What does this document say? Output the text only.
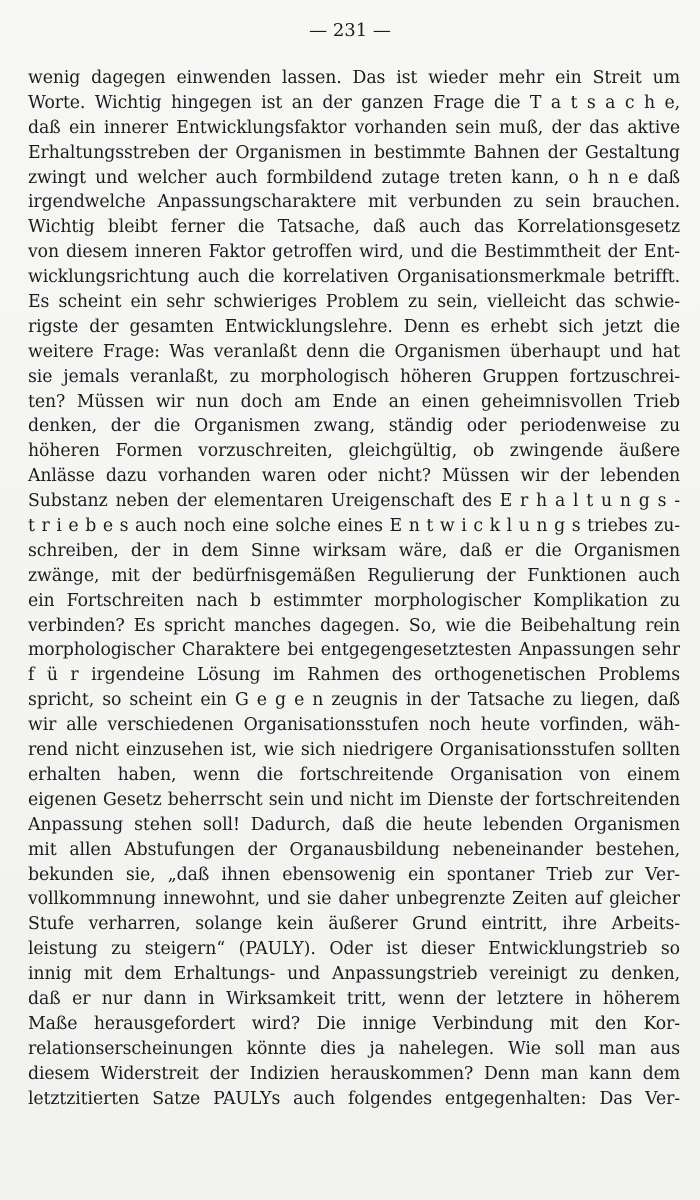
— 231 —
wenig dagegen einwenden lassen. Das ist wieder mehr ein Streit um
Worte. Wichtig hingegen ist an der ganzen Frage die T a t s a c h e,
daß ein innerer Entwicklungsfaktor vorhanden sein muß, der das aktive
Erhaltungsstreben der Organismen in bestimmte Bahnen der Gestaltung
zwingt und welcher auch formbildend zutage treten kann, o h n e daß
irgendwelche Anpassungscharaktere mit verbunden zu sein brauchen.
Wichtig bleibt ferner die Tatsache, daß auch das Korrelationsgesetz
von diesem inneren Faktor getroffen wird, und die Bestimmtheit der Ent-
wicklungsrichtung auch die korrelativen Organisationsmerkmale betrifft.
Es scheint ein sehr schwieriges Problem zu sein, vielleicht das schwie-
rigste der gesamten Entwicklungslehre. Denn es erhebt sich jetzt die
weitere Frage: Was veranlaßt denn die Organismen überhaupt und hat
sie jemals veranlaßt, zu morphologisch höheren Gruppen fortzuschrei-
ten? Müssen wir nun doch am Ende an einen geheimnisvollen Trieb
denken, der die Organismen zwang, ständig oder periodenweise zu
höheren Formen vorzuschreiten, gleichgültig, ob zwingende äußere
Anlässe dazu vorhanden waren oder nicht? Müssen wir der lebenden
Substanz neben der elementaren Ureigenschaft des E r h a l t u n g s -
t r i e b e s auch noch eine solche eines E n t w i c k l u n g s triebes zu-
schreiben, der in dem Sinne wirksam wäre, daß er die Organismen
zwänge, mit der bedürfnisgemäßen Regulierung der Funktionen auch
ein Fortschreiten nach b estimmter morphologischer Komplikation zu
verbinden? Es spricht manches dagegen. So, wie die Beibehaltung rein
morphologischer Charaktere bei entgegengesetztesten Anpassungen sehr
f ü r irgendeine Lösung im Rahmen des orthogenetischen Problems
spricht, so scheint ein G e g e n zeugnis in der Tatsache zu liegen, daß
wir alle verschiedenen Organisationsstufen noch heute vorfinden, wäh-
rend nicht einzusehen ist, wie sich niedrigere Organisationsstufen sollten
erhalten haben, wenn die fortschreitende Organisation von einem
eigenen Gesetz beherrscht sein und nicht im Dienste der fortschreitenden
Anpassung stehen soll! Dadurch, daß die heute lebenden Organismen
mit allen Abstufungen der Organausbildung nebeneinander bestehen,
bekunden sie, „daß ihnen ebensowenig ein spontaner Trieb zur Ver-
vollkommnung innewohnt, und sie daher unbegrenzte Zeiten auf gleicher
Stufe verharren, solange kein äußerer Grund eintritt, ihre Arbeits-
leistung zu steigern“ (PAULY). Oder ist dieser Entwicklungstrieb so
innig mit dem Erhaltungs- und Anpassungstrieb vereinigt zu denken,
daß er nur dann in Wirksamkeit tritt, wenn der letztere in höherem
Maße herausgefordert wird? Die innige Verbindung mit den Kor-
relationserscheinungen könnte dies ja nahelegen. Wie soll man aus
diesem Widerstreit der Indizien herauskommen? Denn man kann dem
letztzitierten Satze PAULYs auch folgendes entgegenhalten: Das Ver-
